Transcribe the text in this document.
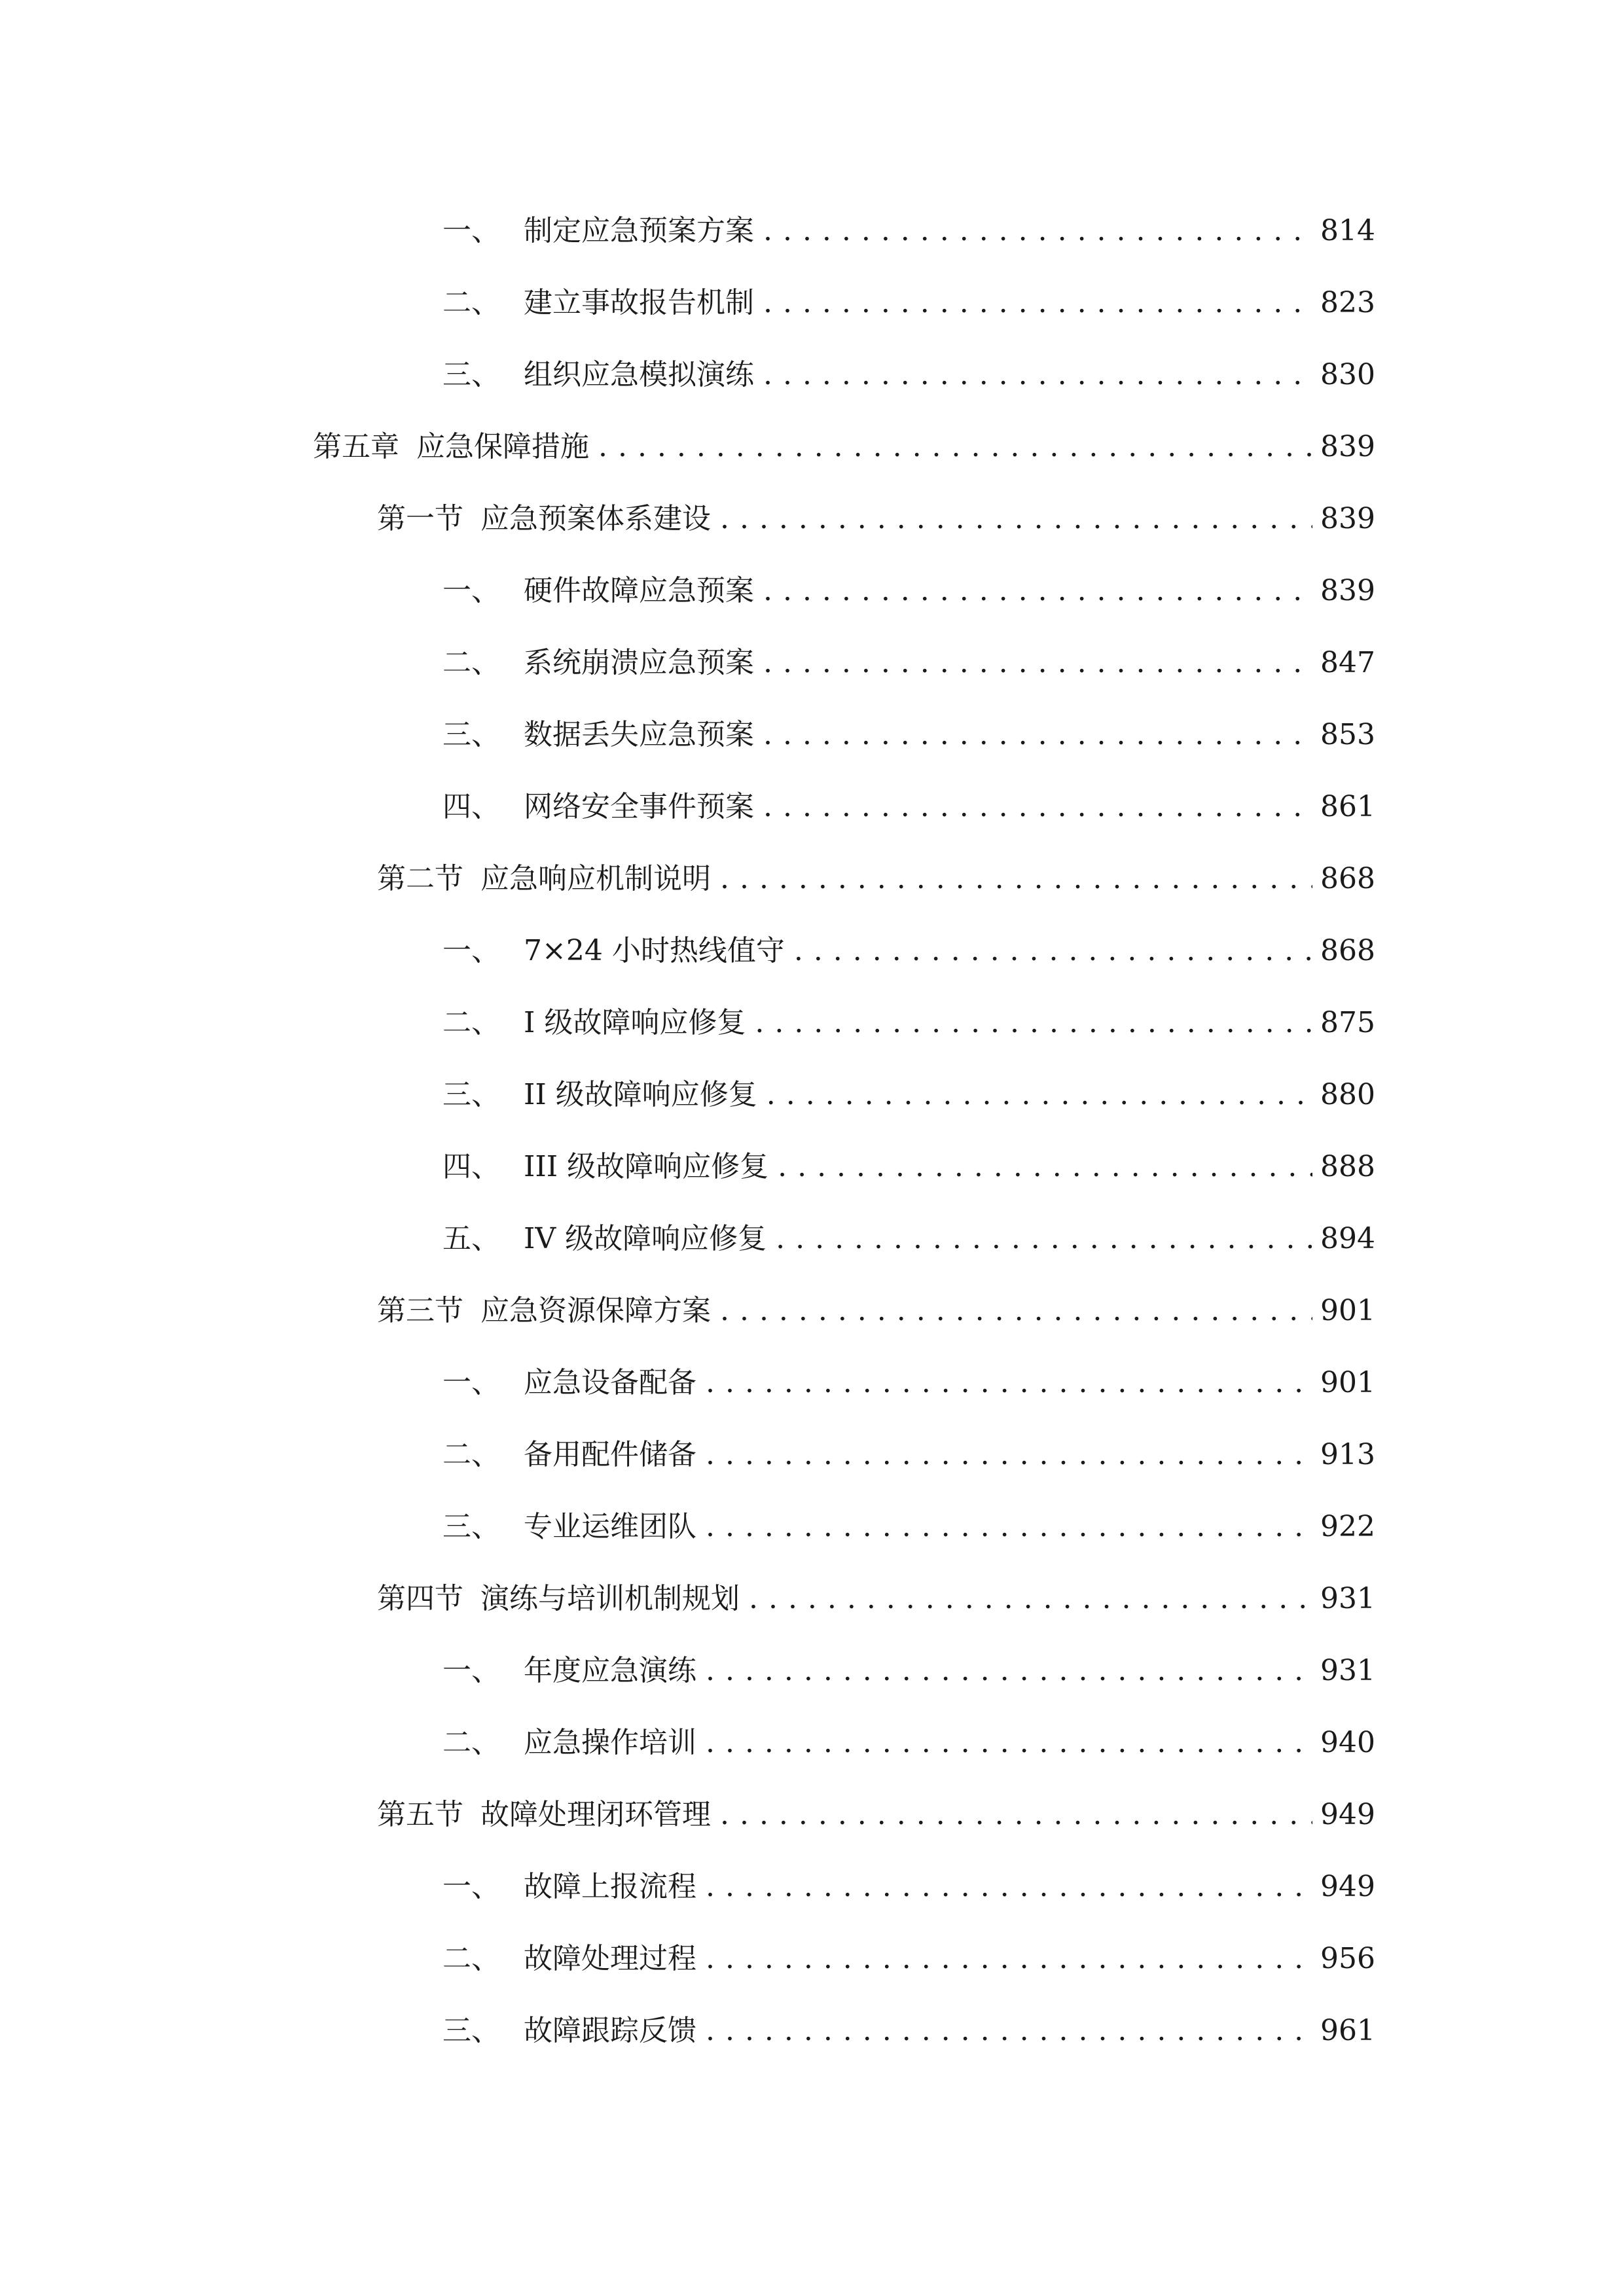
一、 制定应急预案方案 . . .	814
二、 建立事故报告机制 . . .	823
三、 组织应急模拟演练 . . .	830
第五章 应急保障措施 . . .	839
第一节 应急预案体系建设 . . .	839
一、 硬件故障应急预案 . . .	839
二、 系统崩溃应急预案 . . .	847
三、 数据丢失应急预案 . . .	853
四、 网络安全事件预案 . . .	861
第二节 应急响应机制说明 . . .	868
一、 7×24 小时热线值守 . . .	868
二、 I 级故障响应修复 . . .	875
三、 II 级故障响应修复 . . .	880
四、 III 级故障响应修复 . . .	888
五、 IV 级故障响应修复 . . .	894
第三节 应急资源保障方案 . . .	901
一、 应急设备配备 . . .	901
二、 备用配件储备 . . .	913
三、 专业运维团队 . . .	922
第四节 演练与培训机制规划 . . .	931
一、 年度应急演练 . . .	931
二、 应急操作培训 . . .	940
第五节 故障处理闭环管理 . . .	949
一、 故障上报流程 . . .	949
二、 故障处理过程 . . .	956
三、 故障跟踪反馈 . . .	961
